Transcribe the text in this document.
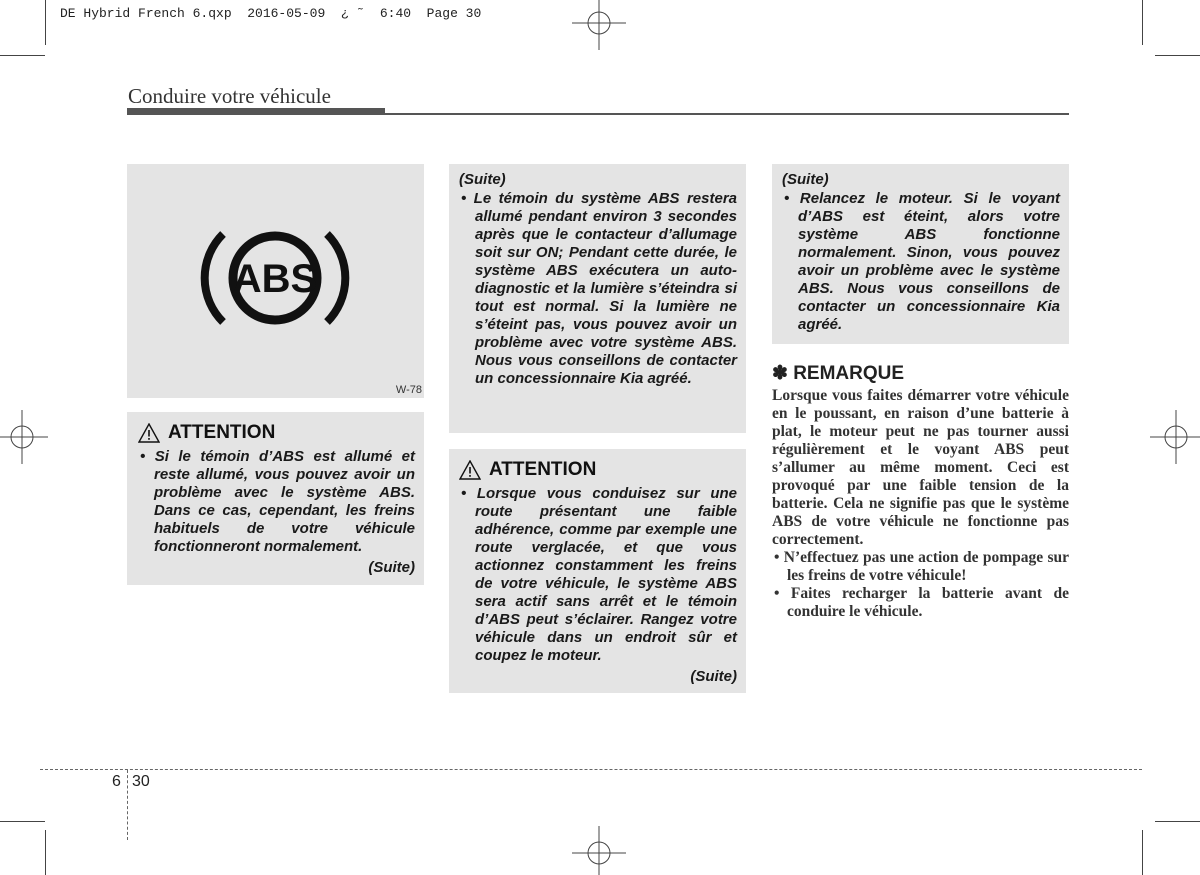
DE Hybrid French 6.qxp  2016-05-09  ¿ ˜  6:40  Page 30
Conduire votre véhicule
ABS
W-78
ATTENTION

• Si le témoin d’ABS est allumé et reste allumé, vous pouvez avoir un problème avec le système ABS. Dans ce cas, cependant, les freins habituels de votre véhicule fonctionneront normalement.

(Suite)
(Suite)

• Le témoin du système ABS restera allumé pendant environ 3 secondes après que le contacteur d’allumage soit sur ON; Pendant cette durée, le système ABS exécutera un auto-diagnostic et la lumière s’éteindra si tout est normal. Si la lumière ne s’éteint pas, vous pouvez avoir un problème avec votre système ABS. Nous vous conseillons de contacter un concessionnaire Kia agréé.

ATTENTION

• Lorsque vous conduisez sur une route présentant une faible adhérence, comme par exemple une route verglacée, et que vous actionnez constamment les freins de votre véhicule, le système ABS sera actif sans arrêt et le témoin d’ABS peut s’éclairer. Rangez votre véhicule dans un endroit sûr et coupez le moteur.

(Suite)
(Suite)

• Relancez le moteur. Si le voyant d’ABS est éteint, alors votre système ABS fonctionne normalement. Sinon, vous pouvez avoir un problème avec le système ABS. Nous vous conseillons de contacter un concessionnaire Kia agréé.

✽ REMARQUE

Lorsque vous faites démarrer votre véhicule en le poussant, en raison d’une batterie à plat, le moteur peut ne pas tourner aussi régulièrement et le voyant ABS peut s’allumer au même moment. Ceci est provoqué par une faible tension de la batterie. Cela ne signifie pas que le système ABS de votre véhicule ne fonctionne pas correctement.

• N’effectuez pas une action de pompage sur les freins de votre véhicule!

• Faites recharger la batterie avant de conduire le véhicule.

6 30
